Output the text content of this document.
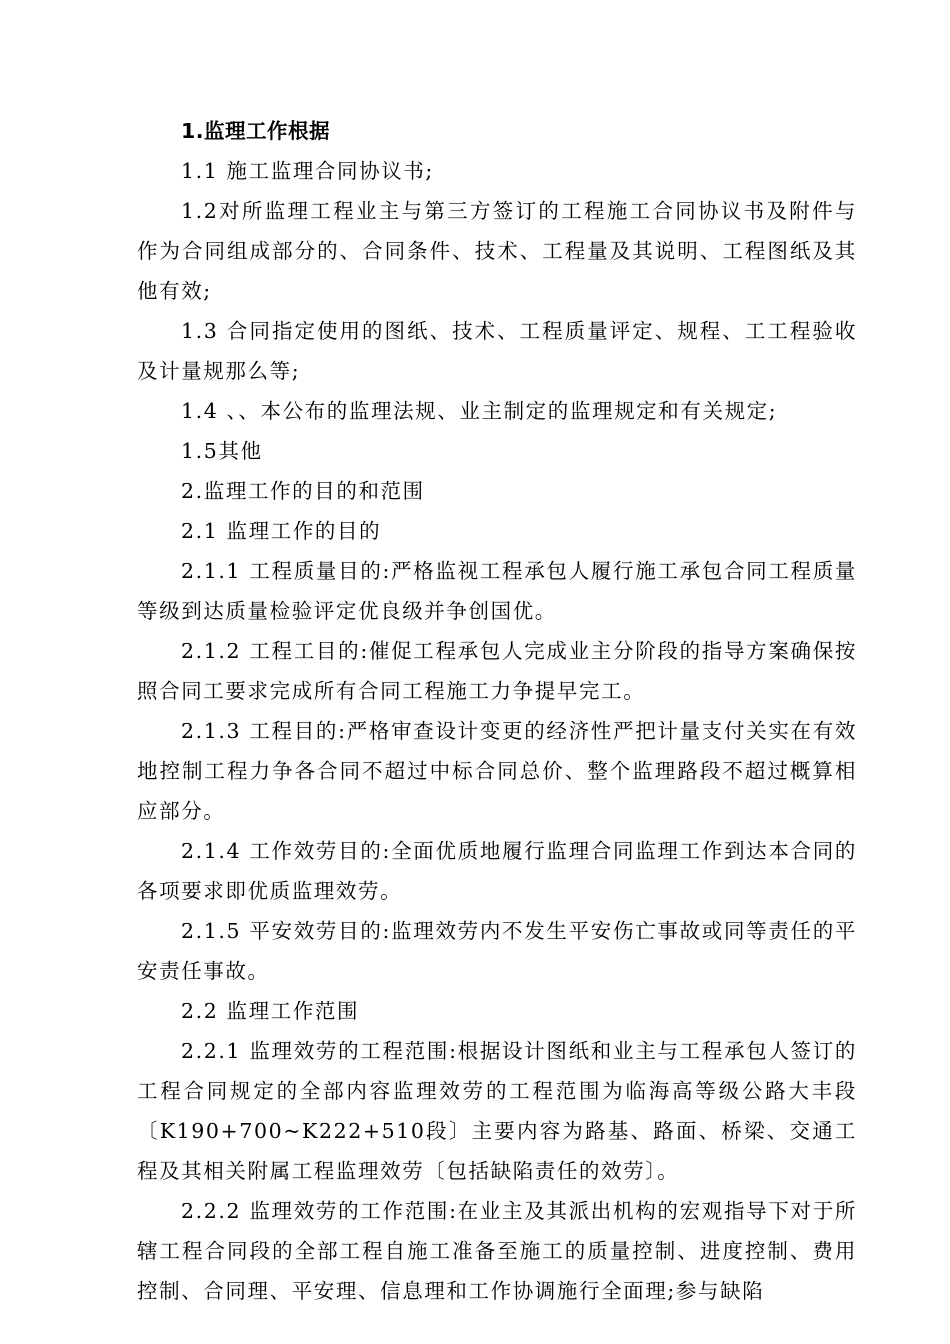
1.监理工作根据

1.1 施工监理合同协议书;

1.2对所监理工程业主与第三方签订的工程施工合同协议书及附件与作为合同组成部分的、合同条件、技术、工程量及其说明、工程图纸及其他有效;

1.3 合同指定使用的图纸、技术、工程质量评定、规程、工工程验收及计量规那么等;

1.4 、、本公布的监理法规、业主制定的监理规定和有关规定;

1.5其他

2.监理工作的目的和范围

2.1 监理工作的目的

2.1.1 工程质量目的:严格监视工程承包人履行施工承包合同工程质量等级到达质量检验评定优良级并争创国优。

2.1.2 工程工目的:催促工程承包人完成业主分阶段的指导方案确保按照合同工要求完成所有合同工程施工力争提早完工。

2.1.3 工程目的:严格审查设计变更的经济性严把计量支付关实在有效地控制工程力争各合同不超过中标合同总价、整个监理路段不超过概算相应部分。

2.1.4 工作效劳目的:全面优质地履行监理合同监理工作到达本合同的各项要求即优质监理效劳。

2.1.5 平安效劳目的:监理效劳内不发生平安伤亡事故或同等责任的平安责任事故。

2.2 监理工作范围

2.2.1 监理效劳的工程范围:根据设计图纸和业主与工程承包人签订的工程合同规定的全部内容监理效劳的工程范围为临海高等级公路大丰段〔K190+700~K222+510段〕主要内容为路基、路面、桥梁、交通工程及其相关附属工程监理效劳〔包括缺陷责任的效劳〕。

2.2.2 监理效劳的工作范围:在业主及其派出机构的宏观指导下对于所辖工程合同段的全部工程自施工准备至施工的质量控制、进度控制、费用控制、合同理、平安理、信息理和工作协调施行全面理;参与缺陷
